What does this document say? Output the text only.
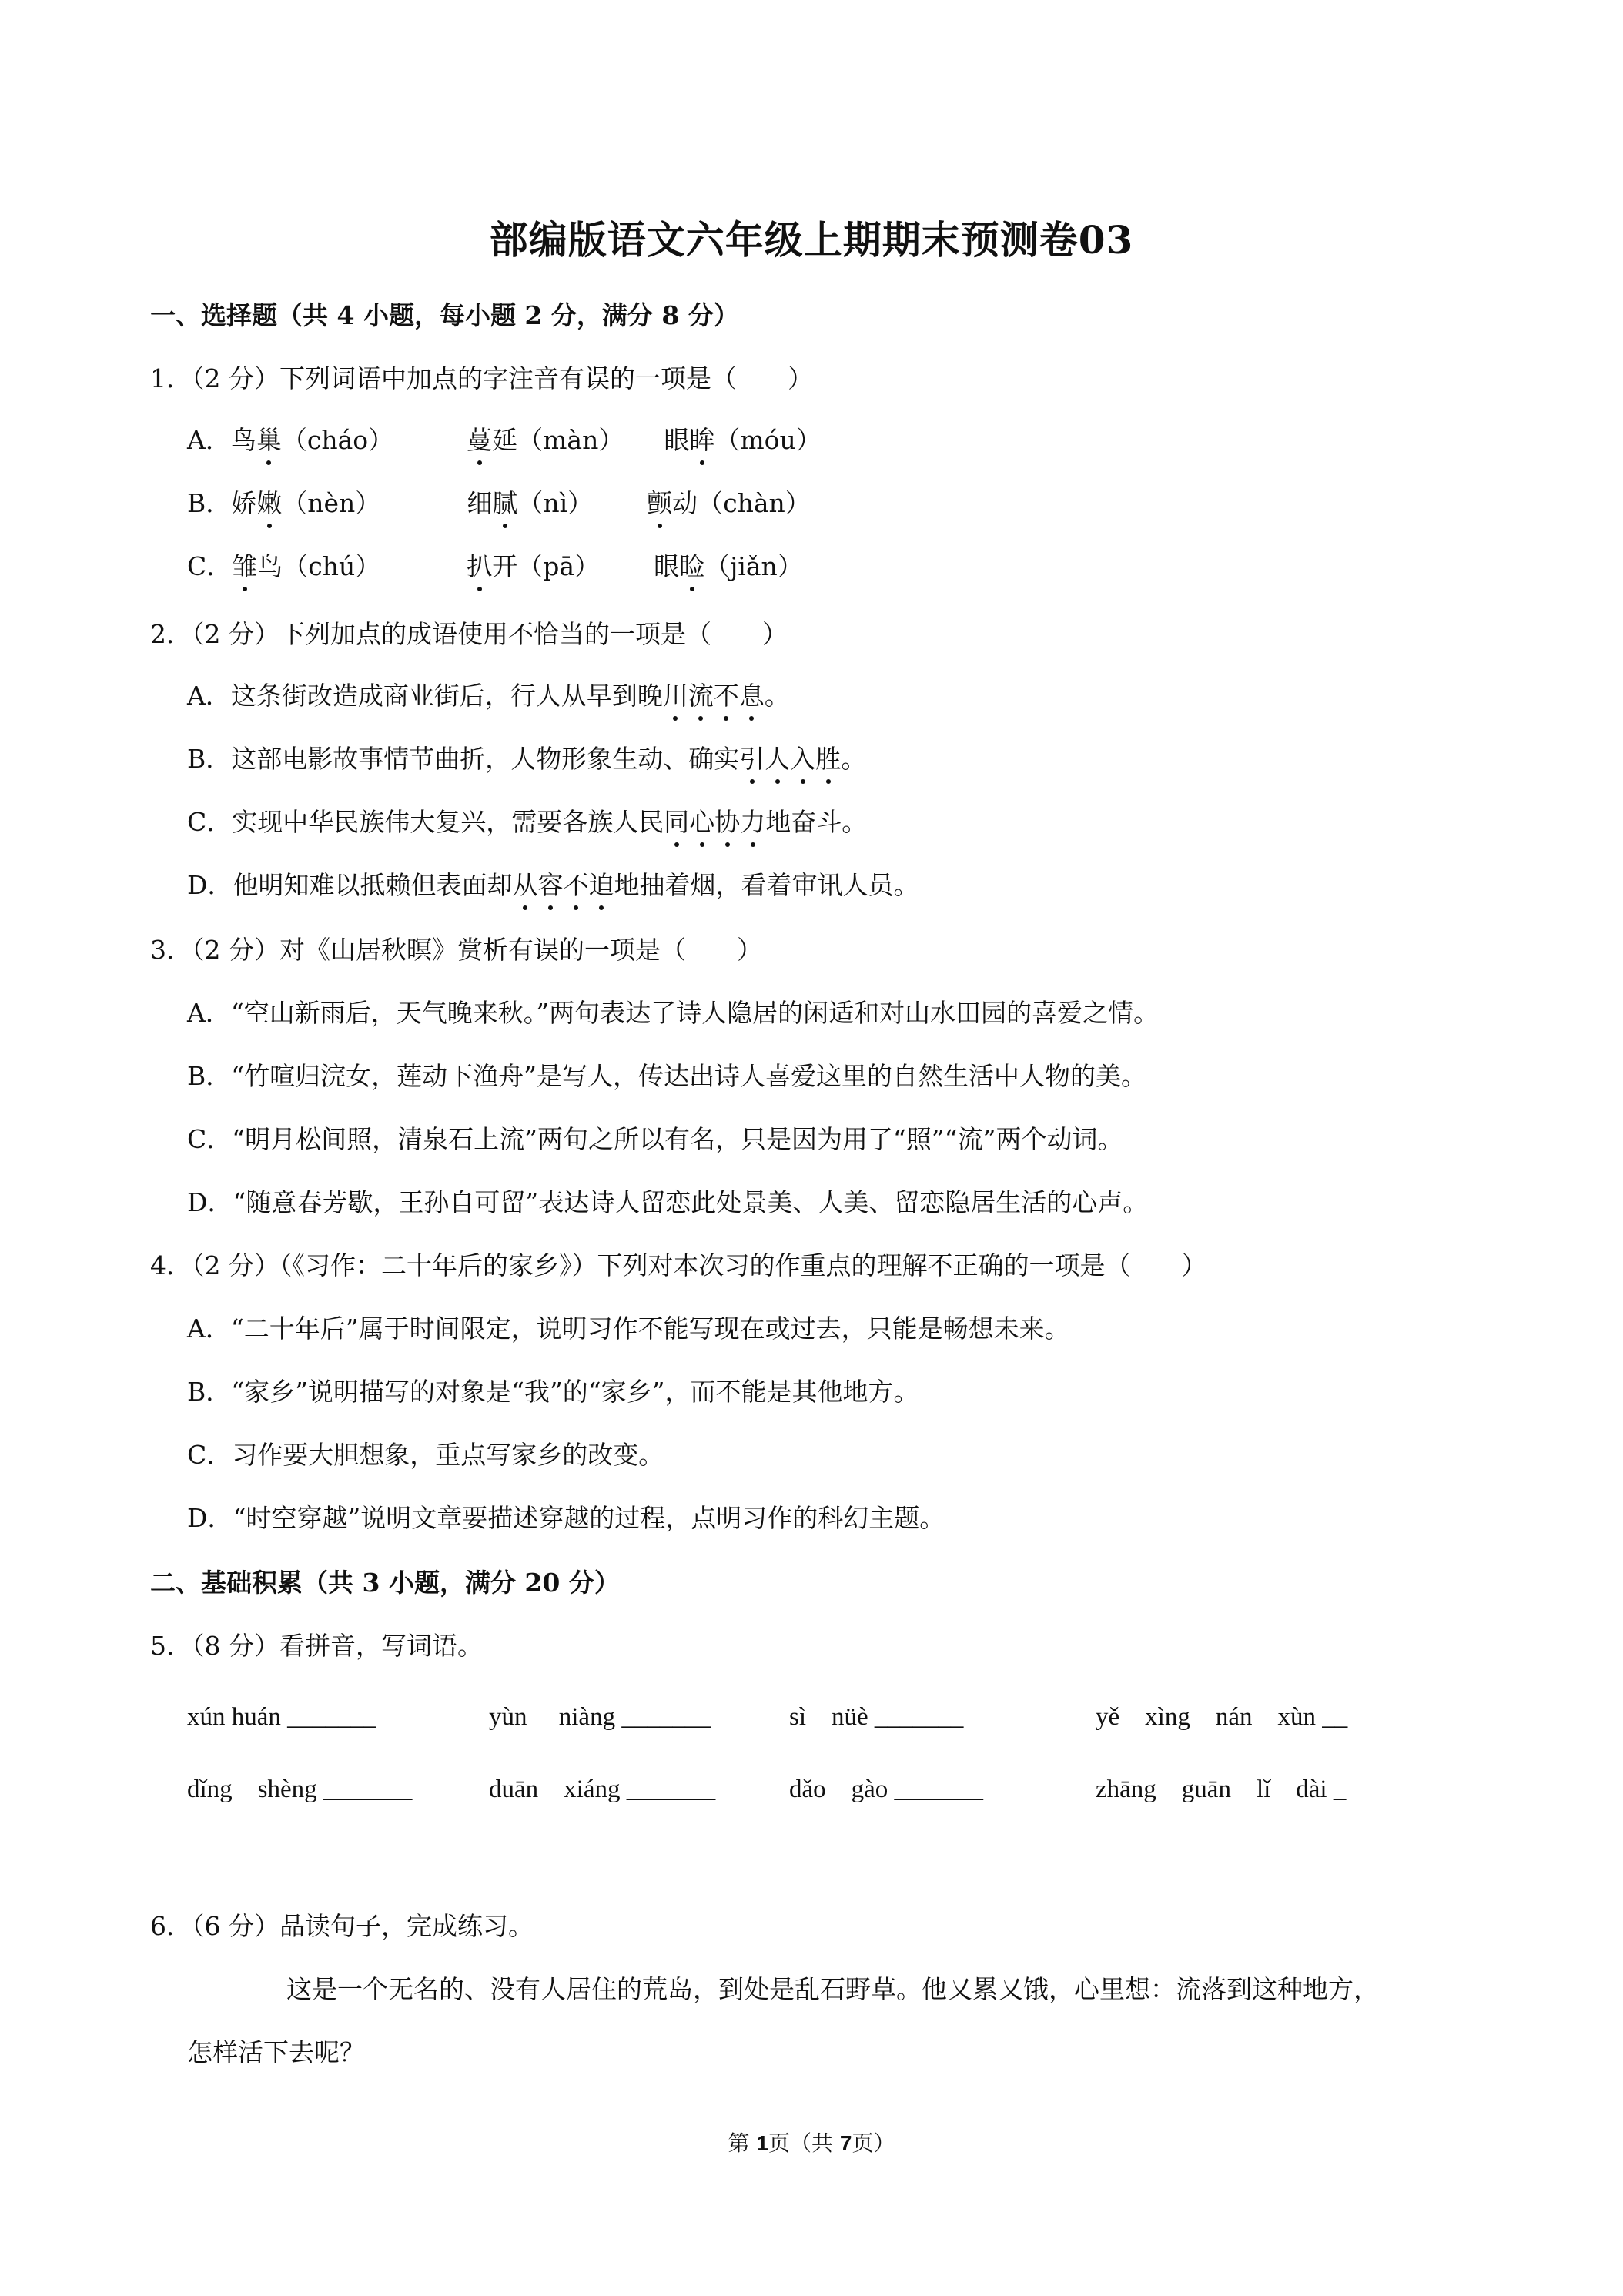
部编版语文六年级上期期末预测卷03
一、选择题（共 4 小题，每小题 2 分，满分 8 分）
1．（2 分）下列词语中加点的字注音有误的一项是（　　）
A．鸟巢（cháo）	蔓延（màn） 眼眸（móu）
B．娇嫩（nèn）	细腻（nì） 颤动（chàn）
C．雏鸟（chú）	扒开（pā） 眼睑（jiǎn）
2．（2 分）下列加点的成语使用不恰当的一项是（　　）
A．这条街改造成商业街后，行人从早到晚川流不息。
B．这部电影故事情节曲折，人物形象生动、确实引人入胜。
C．实现中华民族伟大复兴，需要各族人民同心协力地奋斗。
D．他明知难以抵赖但表面却从容不迫地抽着烟，看着审讯人员。
3．（2 分）对《山居秋暝》赏析有误的一项是（　　）
A．“空山新雨后，天气晚来秋。”两句表达了诗人隐居的闲适和对山水田园的喜爱之情。
B．“竹喧归浣女，莲动下渔舟”是写人，传达出诗人喜爱这里的自然生活中人物的美。
C．“明月松间照，清泉石上流”两句之所以有名，只是因为用了“照”“流”两个动词。
D．“随意春芳歇，王孙自可留”表达诗人留恋此处景美、人美、留恋隐居生活的心声。
4．（2 分）（《习作：二十年后的家乡》）下列对本次习的作重点的理解不正确的一项是（　　）
A．“二十年后”属于时间限定，说明习作不能写现在或过去，只能是畅想未来。
B．“家乡”说明描写的对象是“我”的“家乡”，而不能是其他地方。
C．习作要大胆想象，重点写家乡的改变。
D．“时空穿越”说明文章要描述穿越的过程，点明习作的科幻主题。
二、基础积累（共 3 小题，满分 20 分）
5．（8 分）看拼音，写词语。
xún huán _______	yùn　 niàng _______	sì　nüè _______	yě　xìng　nán　xùn __
dǐng　shèng _______	duān　xiáng _______	dǎo　gào _______	zhāng　guān　lǐ　dài _
6．（6 分）品读句子，完成练习。
这是一个无名的、没有人居住的荒岛，到处是乱石野草。他又累又饿，心里想：流落到这种地方，
怎样活下去呢？
第 1页（共 7页）
